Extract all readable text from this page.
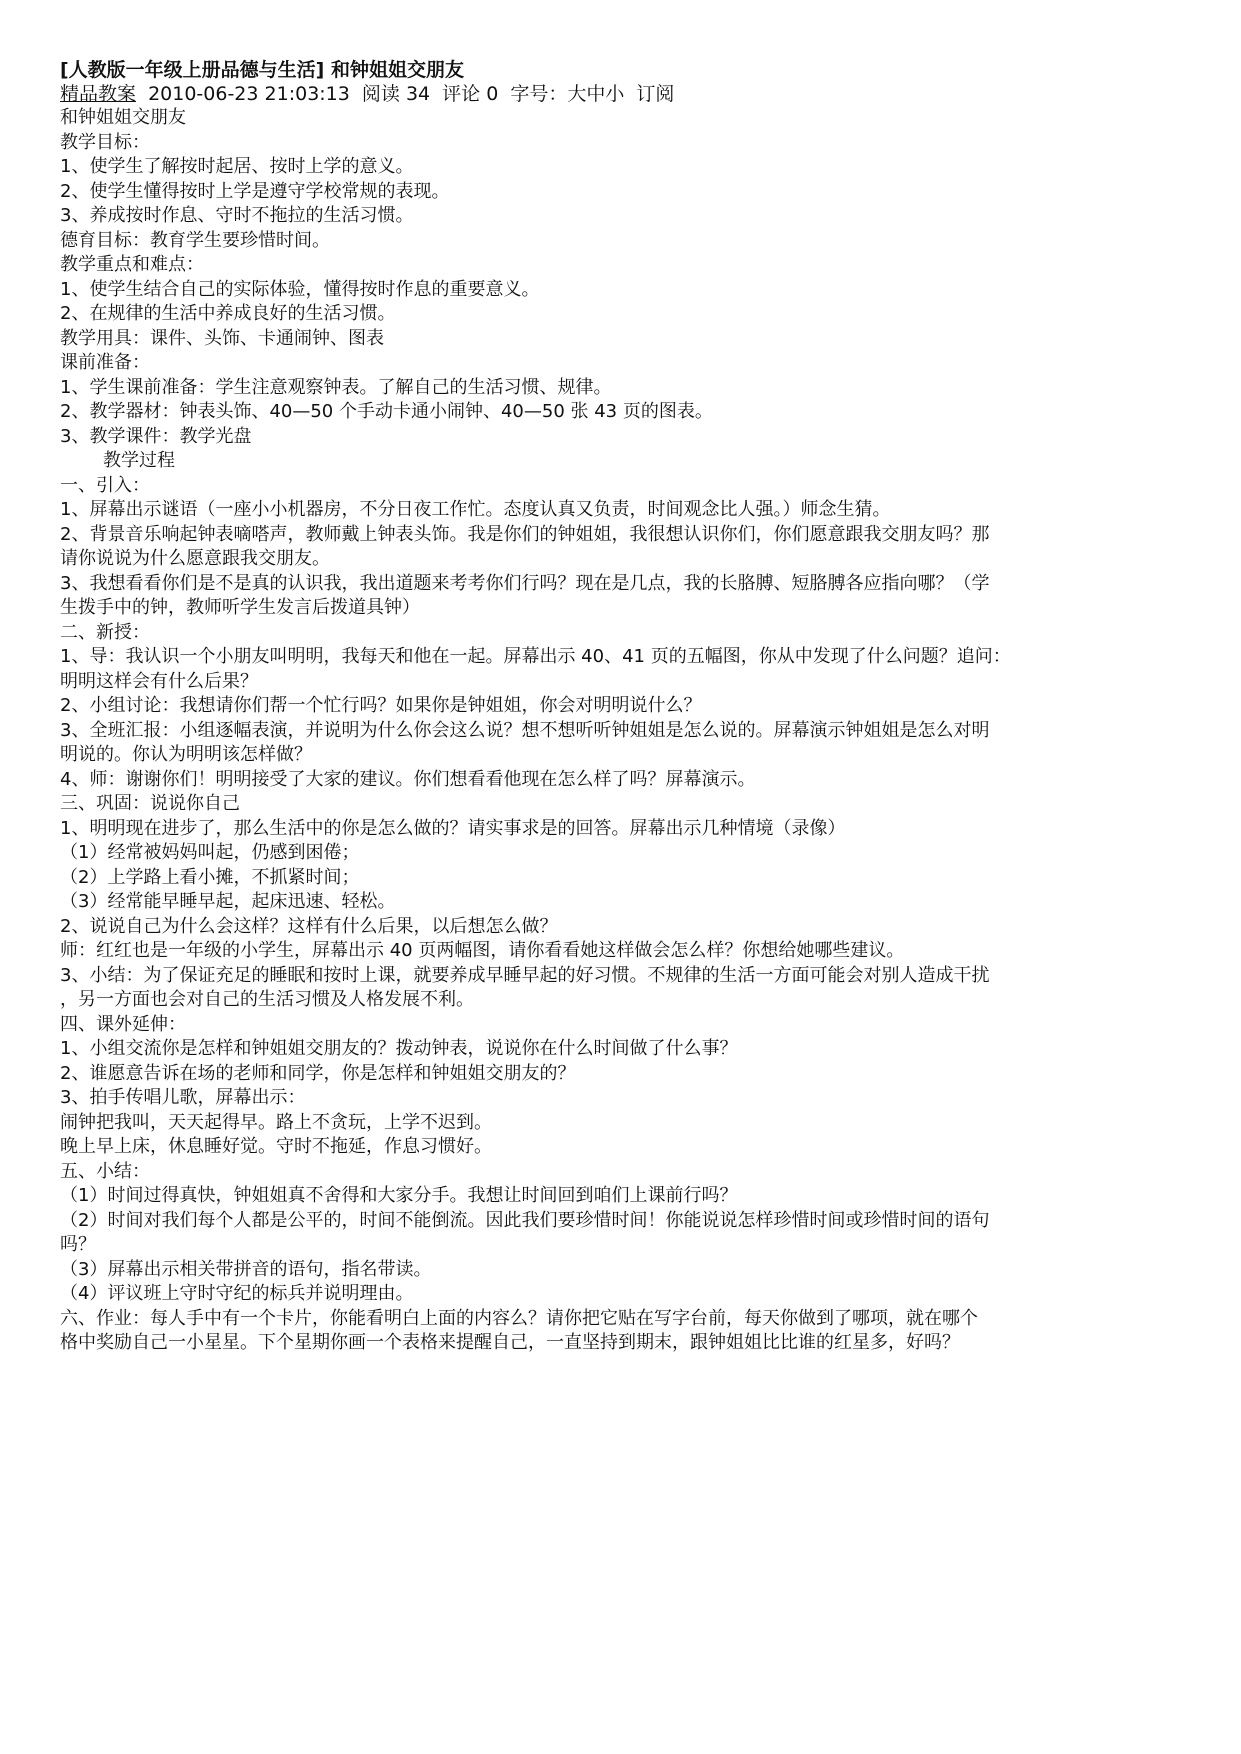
[人教版一年级上册品德与生活] 和钟姐姐交朋友
精品教案 2010-06-23 21:03:13 阅读 34 评论 0 字号：大中小 订阅
和钟姐姐交朋友
教学目标：
1、使学生了解按时起居、按时上学的意义。
2、使学生懂得按时上学是遵守学校常规的表现。
3、养成按时作息、守时不拖拉的生活习惯。
德育目标：教育学生要珍惜时间。
教学重点和难点：
1、使学生结合自己的实际体验，懂得按时作息的重要意义。
2、在规律的生活中养成良好的生活习惯。
教学用具：课件、头饰、卡通闹钟、图表
课前准备：
1、学生课前准备：学生注意观察钟表。了解自己的生活习惯、规律。
2、教学器材：钟表头饰、40—50 个手动卡通小闹钟、40—50 张 43 页的图表。
3、教学课件：教学光盘
教学过程
一、引入：
1、屏幕出示谜语（一座小小机器房，不分日夜工作忙。态度认真又负责，时间观念比人强。）师念生猜。
2、背景音乐响起钟表嘀嗒声，教师戴上钟表头饰。我是你们的钟姐姐，我很想认识你们，你们愿意跟我交朋友吗？那
请你说说为什么愿意跟我交朋友。
3、我想看看你们是不是真的认识我，我出道题来考考你们行吗？现在是几点，我的长胳膊、短胳膊各应指向哪？（学
生拨手中的钟，教师听学生发言后拨道具钟）
二、新授：
1、导：我认识一个小朋友叫明明，我每天和他在一起。屏幕出示 40、41 页的五幅图，你从中发现了什么问题？追问：
明明这样会有什么后果？
2、小组讨论：我想请你们帮一个忙行吗？如果你是钟姐姐，你会对明明说什么？
3、全班汇报：小组逐幅表演，并说明为什么你会这么说？想不想听听钟姐姐是怎么说的。屏幕演示钟姐姐是怎么对明
明说的。你认为明明该怎样做？
4、师：谢谢你们！明明接受了大家的建议。你们想看看他现在怎么样了吗？屏幕演示。
三、巩固：说说你自己
1、明明现在进步了，那么生活中的你是怎么做的？请实事求是的回答。屏幕出示几种情境（录像）
（1）经常被妈妈叫起，仍感到困倦；
（2）上学路上看小摊，不抓紧时间；
（3）经常能早睡早起，起床迅速、轻松。
2、说说自己为什么会这样？这样有什么后果，以后想怎么做？
师：红红也是一年级的小学生，屏幕出示 40 页两幅图，请你看看她这样做会怎么样？你想给她哪些建议。
3、小结：为了保证充足的睡眠和按时上课，就要养成早睡早起的好习惯。不规律的生活一方面可能会对别人造成干扰
，另一方面也会对自己的生活习惯及人格发展不利。
四、课外延伸：
1、小组交流你是怎样和钟姐姐交朋友的？拨动钟表，说说你在什么时间做了什么事？
2、谁愿意告诉在场的老师和同学，你是怎样和钟姐姐交朋友的？
3、拍手传唱儿歌，屏幕出示：
闹钟把我叫，天天起得早。路上不贪玩，上学不迟到。
晚上早上床，休息睡好觉。守时不拖延，作息习惯好。
五、小结：
（1）时间过得真快，钟姐姐真不舍得和大家分手。我想让时间回到咱们上课前行吗？
（2）时间对我们每个人都是公平的，时间不能倒流。因此我们要珍惜时间！你能说说怎样珍惜时间或珍惜时间的语句
吗？
（3）屏幕出示相关带拼音的语句，指名带读。
（4）评议班上守时守纪的标兵并说明理由。
六、作业：每人手中有一个卡片，你能看明白上面的内容么？请你把它贴在写字台前，每天你做到了哪项，就在哪个
格中奖励自己一小星星。下个星期你画一个表格来提醒自己，一直坚持到期末，跟钟姐姐比比谁的红星多，好吗？
